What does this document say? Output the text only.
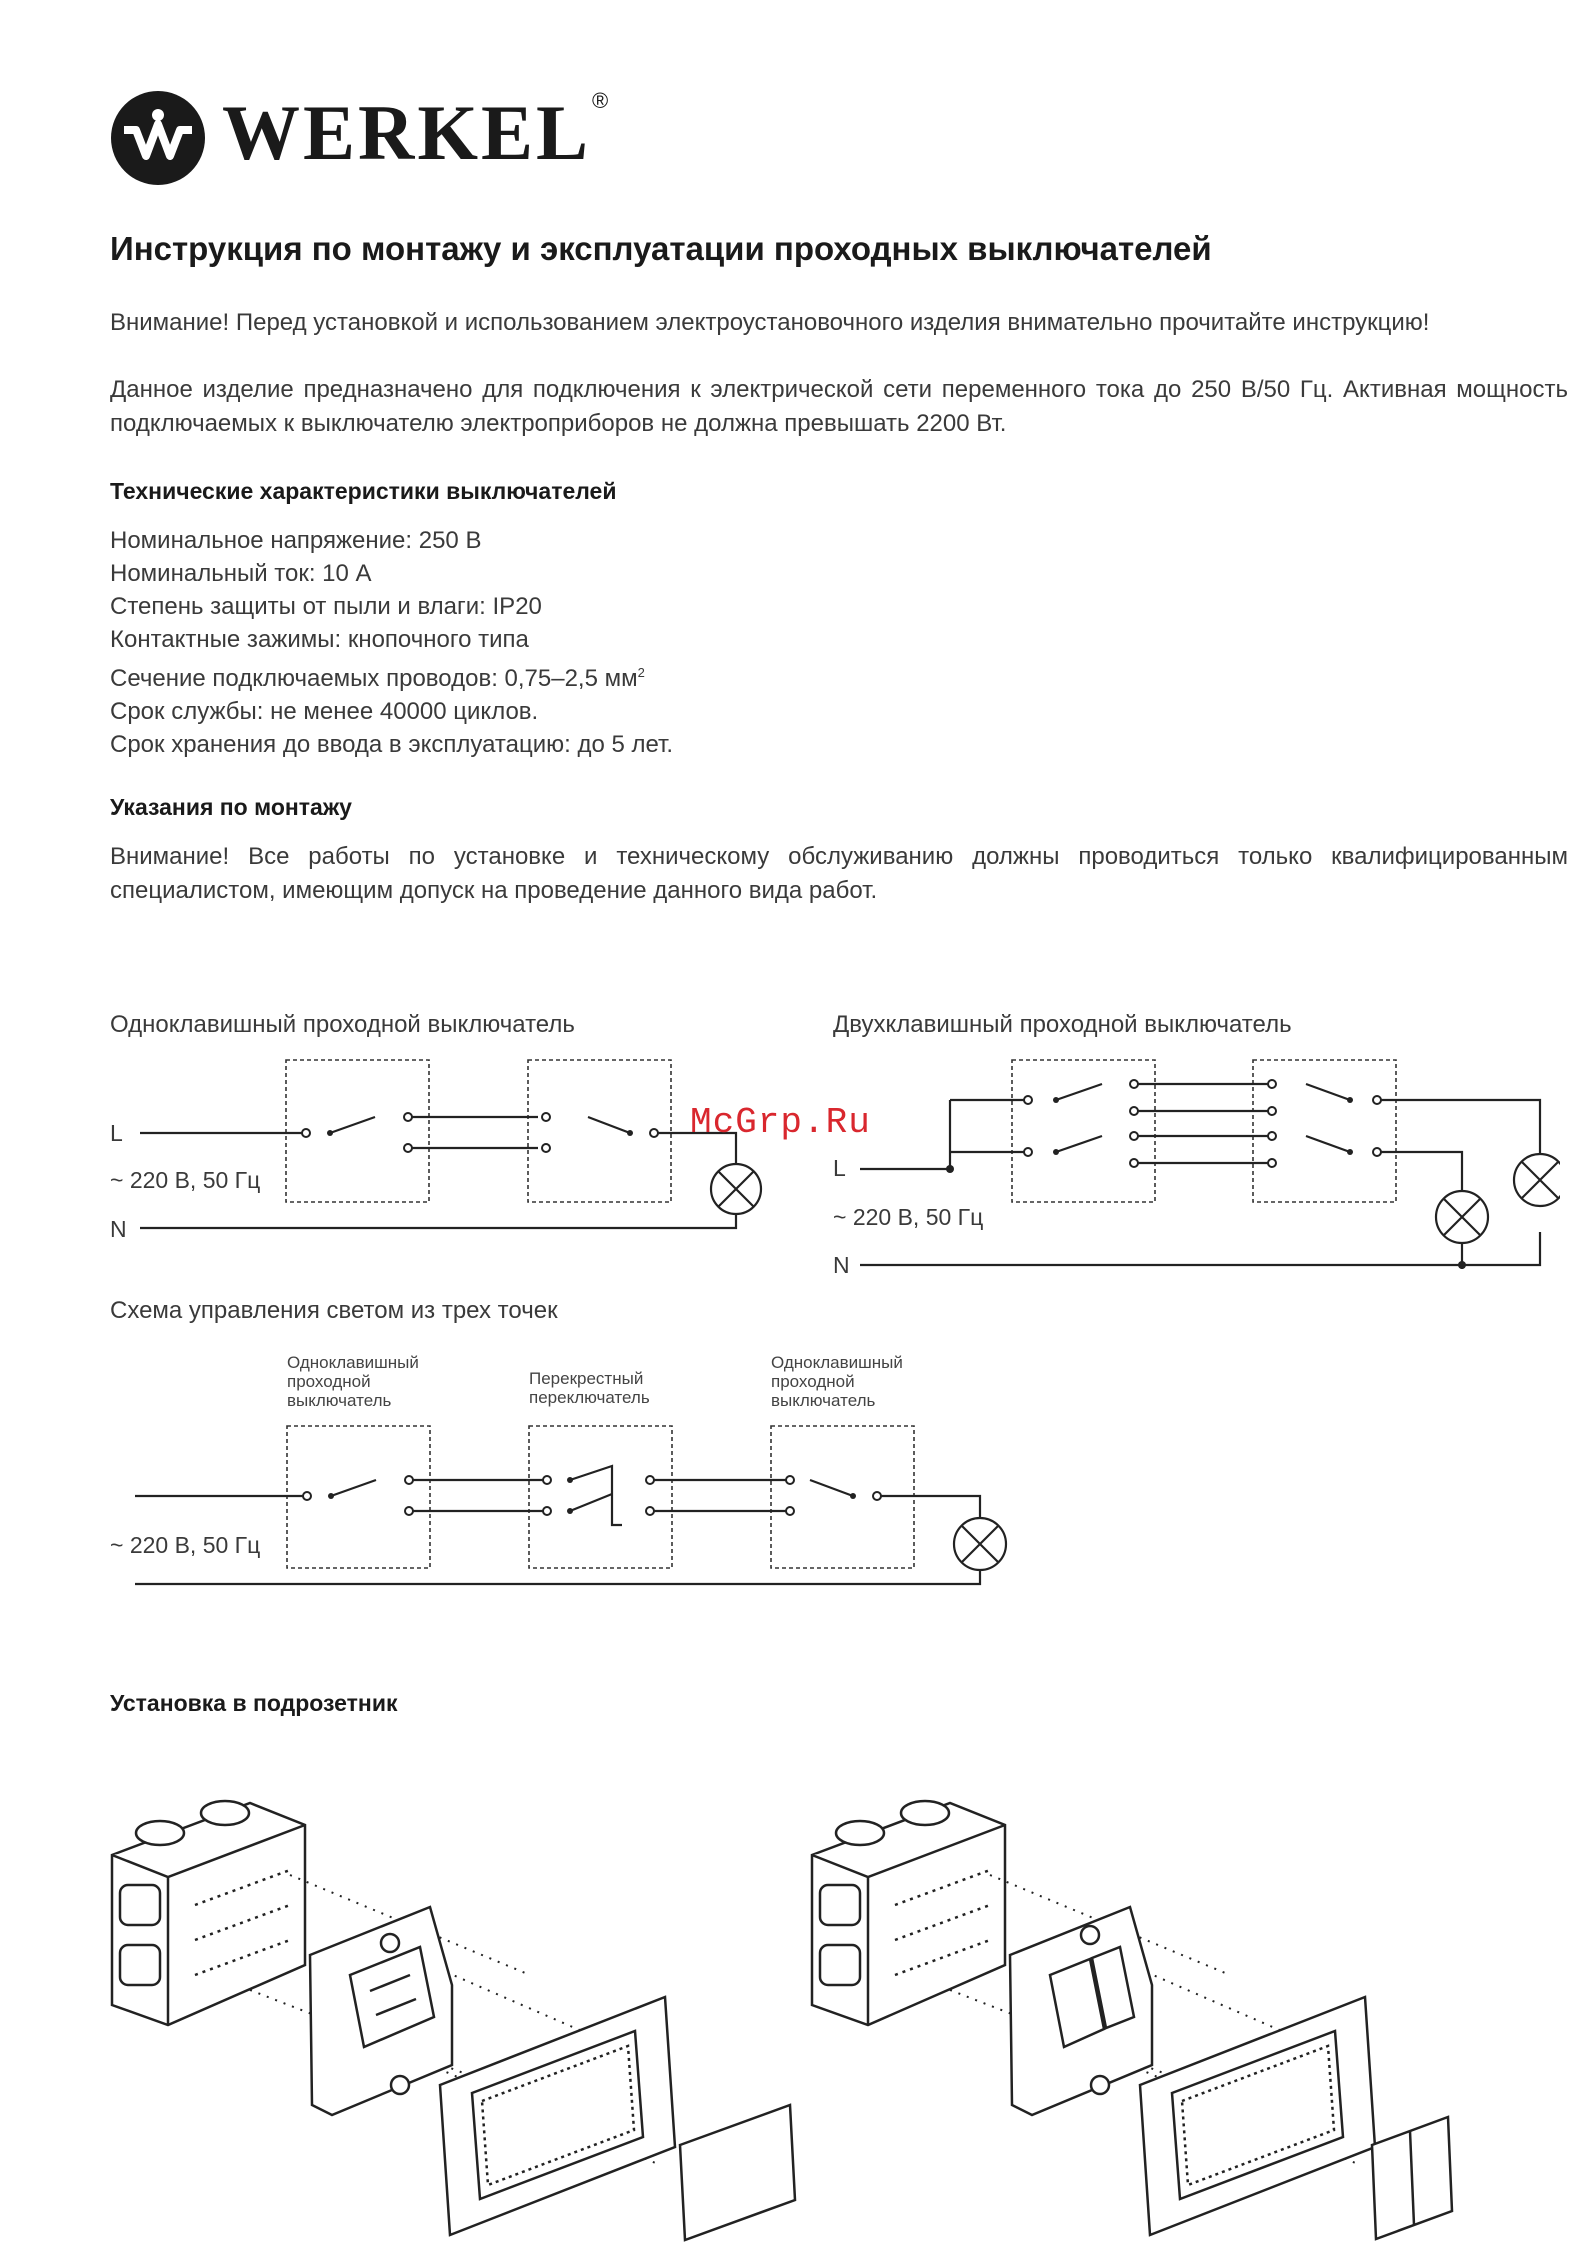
WERKEL ®
Инструкция по монтажу и эксплуатации проходных выключателей
Внимание! Перед установкой и использованием электроустановочного изделия внимательно прочитайте инструкцию!
Данное изделие предназначено для подключения к электрической сети переменного тока до 250 В/50 Гц. Активная мощность подключаемых к выключателю электроприборов не должна превышать 2200 Вт.
Технические характеристики выключателей
Номинальное напряжение: 250 В
Номинальный ток: 10 А
Степень защиты от пыли и влаги: IP20
Контактные зажимы: кнопочного типа
Сечение подключаемых проводов: 0,75–2,5 $мм^2$
Срок службы: не менее 40000 циклов.
Срок хранения до ввода в эксплуатацию: до 5 лет.
Указания по монтажу
Внимание! Все работы по установке и техническому обслуживанию должны проводиться только квалифицированным специалистом, имеющим допуск на проведение данного вида работ.
Одноклавишный проходной выключатель	Двухклавишный проходной выключатель
L
~ 220 В, 50 Гц
N
L
~ 220 В, 50 Гц
N
McGrp.Ru
Схема управления светом из трех точек
Одноклавишный
проходной
выключатель
Перекрестный
переключатель
Одноклавишный
проходной
выключатель
~ 220 В, 50 Гц
Установка в подрозетник
